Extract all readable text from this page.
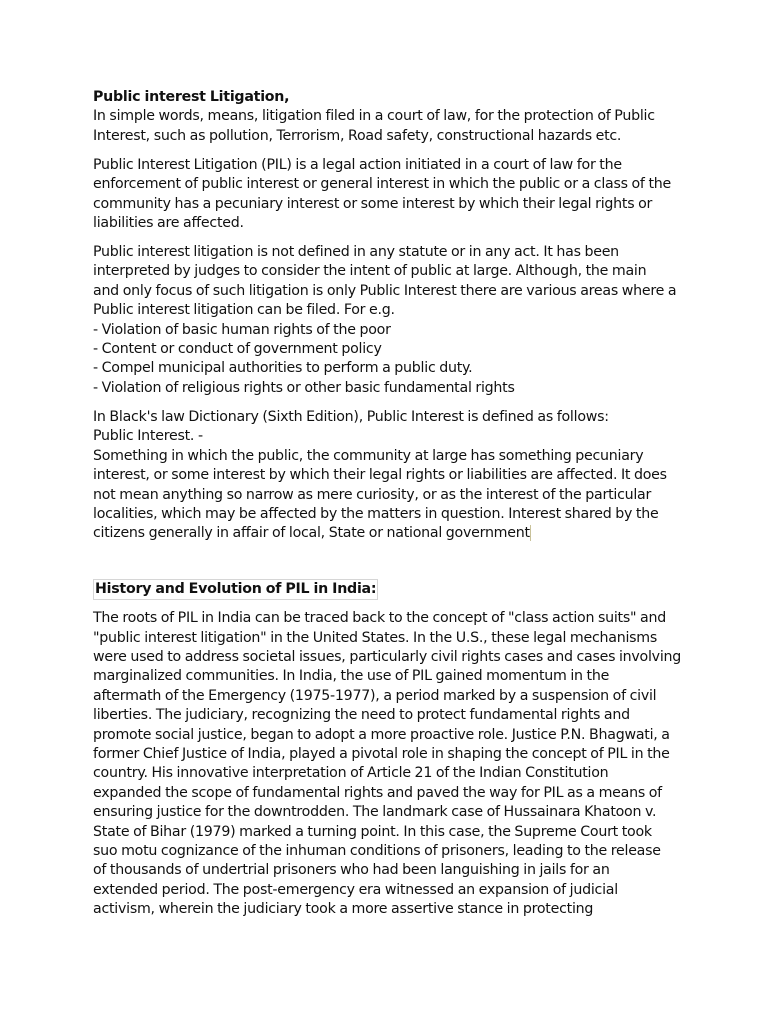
Public interest Litigation,
In simple words, means, litigation filed in a court of law, for the protection of Public
Interest, such as pollution, Terrorism, Road safety, constructional hazards etc.
Public Interest Litigation (PIL) is a legal action initiated in a court of law for the
enforcement of public interest or general interest in which the public or a class of the
community has a pecuniary interest or some interest by which their legal rights or
liabilities are affected.
Public interest litigation is not defined in any statute or in any act. It has been
interpreted by judges to consider the intent of public at large. Although, the main
and only focus of such litigation is only Public Interest there are various areas where a
Public interest litigation can be filed. For e.g.
- Violation of basic human rights of the poor
- Content or conduct of government policy
- Compel municipal authorities to perform a public duty.
- Violation of religious rights or other basic fundamental rights
In Black's law Dictionary (Sixth Edition), Public Interest is defined as follows:
Public Interest. -
Something in which the public, the community at large has something pecuniary
interest, or some interest by which their legal rights or liabilities are affected. It does
not mean anything so narrow as mere curiosity, or as the interest of the particular
localities, which may be affected by the matters in question. Interest shared by the
citizens generally in affair of local, State or national government
History and Evolution of PIL in India:
The roots of PIL in India can be traced back to the concept of "class action suits" and
"public interest litigation" in the United States. In the U.S., these legal mechanisms
were used to address societal issues, particularly civil rights cases and cases involving
marginalized communities. In India, the use of PIL gained momentum in the
aftermath of the Emergency (1975-1977), a period marked by a suspension of civil
liberties. The judiciary, recognizing the need to protect fundamental rights and
promote social justice, began to adopt a more proactive role. Justice P.N. Bhagwati, a
former Chief Justice of India, played a pivotal role in shaping the concept of PIL in the
country. His innovative interpretation of Article 21 of the Indian Constitution
expanded the scope of fundamental rights and paved the way for PIL as a means of
ensuring justice for the downtrodden. The landmark case of Hussainara Khatoon v.
State of Bihar (1979) marked a turning point. In this case, the Supreme Court took
suo motu cognizance of the inhuman conditions of prisoners, leading to the release
of thousands of undertrial prisoners who had been languishing in jails for an
extended period. The post-emergency era witnessed an expansion of judicial
activism, wherein the judiciary took a more assertive stance in protecting
